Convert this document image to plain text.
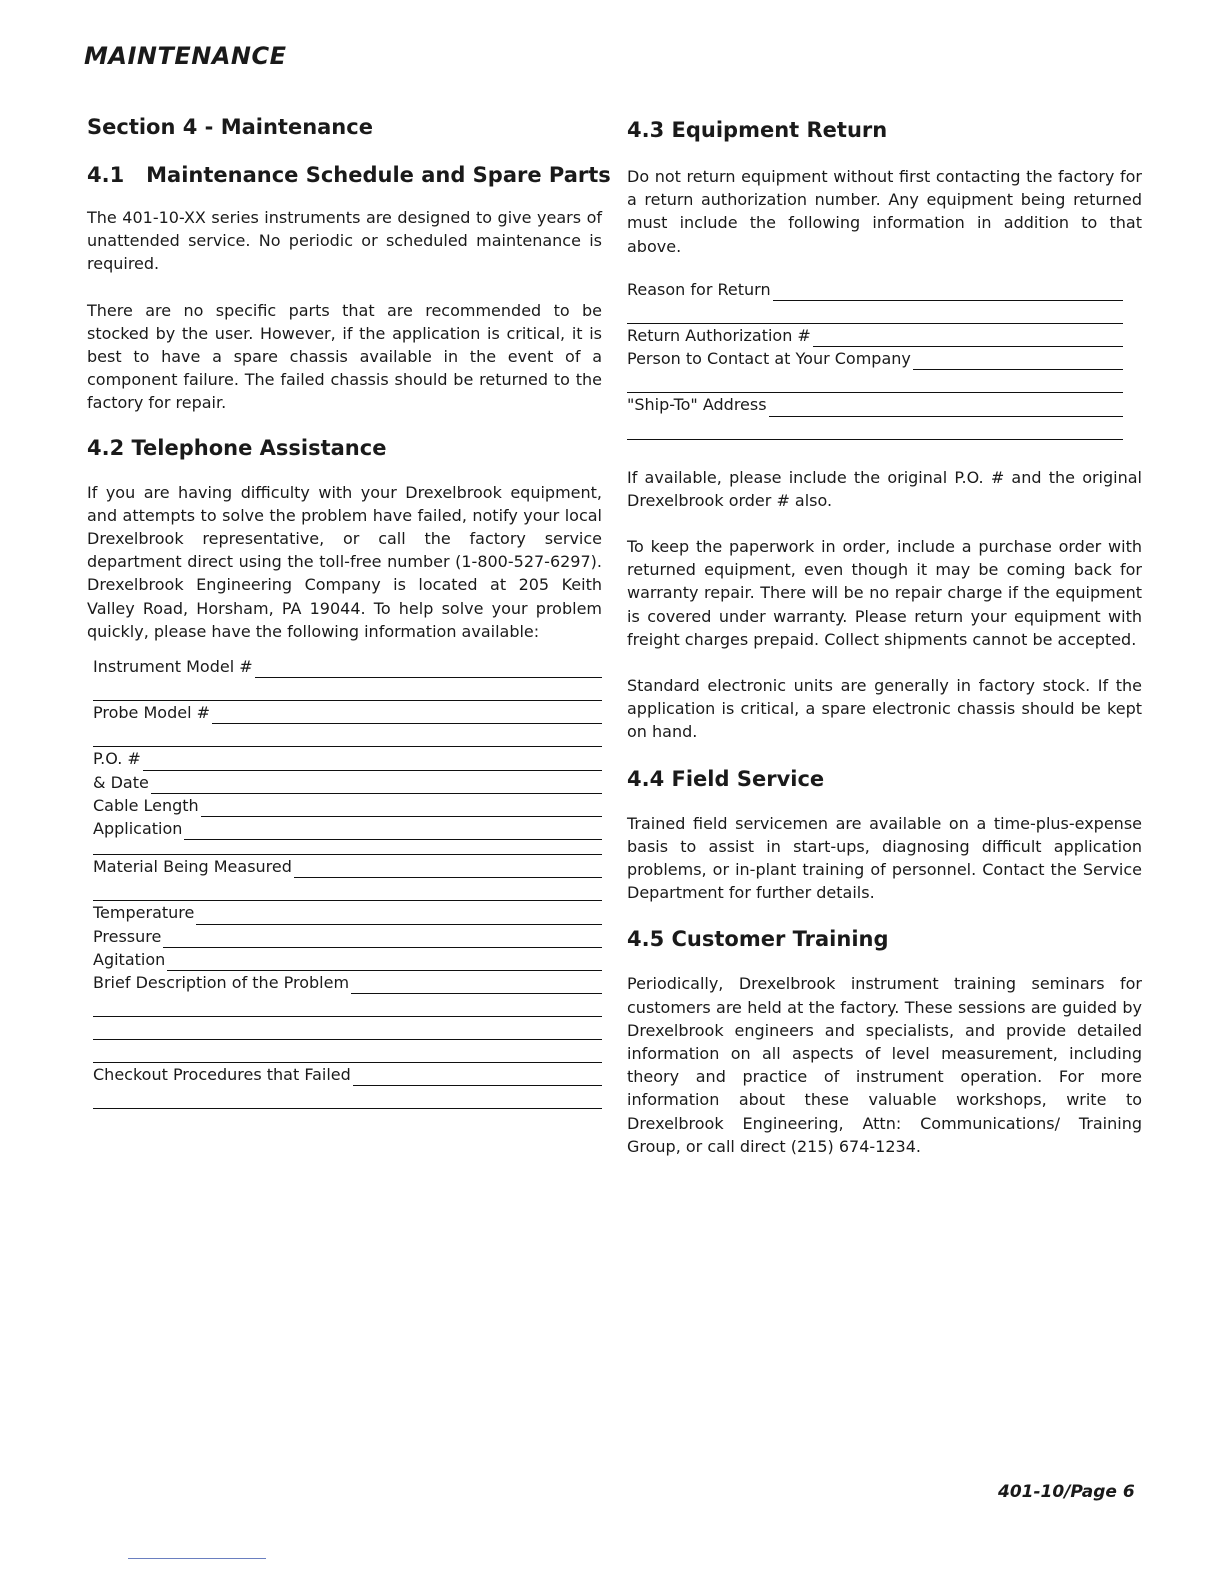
MAINTENANCE
Section 4 - Maintenance
4.1   Maintenance Schedule and Spare Parts

The 401-10-XX series instruments are designed to give years of unattended service. No periodic or scheduled maintenance is required.

There are no specific parts that are recommended to be stocked by the user. However, if the application is critical, it is best to have a spare chassis available in the event of a component failure. The failed chassis should be returned to the factory for repair.

4.2 Telephone Assistance

If you are having difficulty with your Drexelbrook equipment, and attempts to solve the problem have failed, notify your local Drexelbrook representative, or call the factory service department direct using the toll-free number (1-800-527-6297). Drexelbrook Engineering Company is located at 205 Keith Valley Road, Horsham, PA 19044. To help solve your problem quickly, please have the following information available:

Instrument Model #
Probe Model #
P.O. #
& Date
Cable Length
Application
Material Being Measured
Temperature
Pressure
Agitation
Brief Description of the Problem
Checkout Procedures that Failed
4.3 Equipment Return

Do not return equipment without first contacting the factory for a return authorization number. Any equipment being returned must include the following information in addition to that above.

Reason for Return
Return Authorization #
Person to Contact at Your Company
"Ship-To" Address

If available, please include the original P.O. # and the original Drexelbrook order # also.

To keep the paperwork in order, include a purchase order with returned equipment, even though it may be coming back for warranty repair. There will be no repair charge if the equipment is covered under warranty. Please return your equipment with freight charges prepaid. Collect shipments cannot be accepted.

Standard electronic units are generally in factory stock. If the application is critical, a spare electronic chassis should be kept on hand.

4.4 Field Service

Trained field servicemen are available on a time-plus-expense basis to assist in start-ups, diagnosing difficult application problems, or in-plant training of personnel. Contact the Service Department for further details.

4.5 Customer Training

Periodically, Drexelbrook instrument training seminars for customers are held at the factory. These sessions are guided by Drexelbrook engineers and specialists, and provide detailed information on all aspects of level measurement, including theory and practice of instrument operation. For more information about these valuable workshops, write to Drexelbrook Engineering, Attn: Communications/ Training Group, or call direct (215) 674-1234.

401-10/Page 6
